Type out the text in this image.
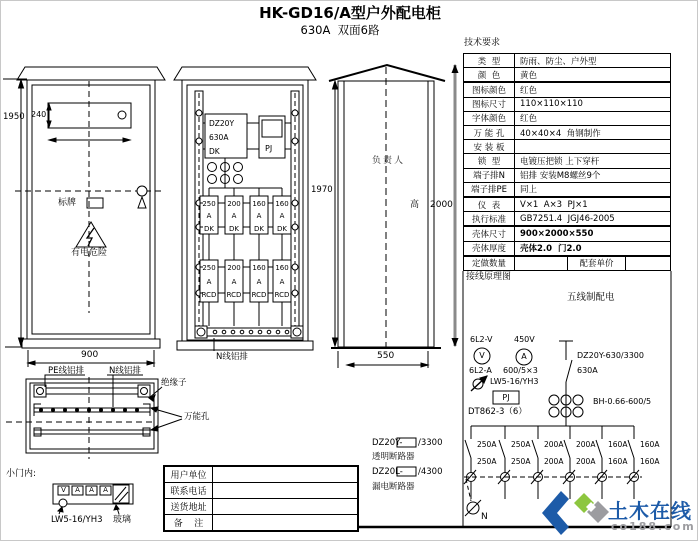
HK-GD16/A型户外配电柜
630A  双面6路
1950 240
标牌
有电危险
900
PE线铝排	N线铝排
绝缘子
万能孔
小门内:
V	A	A	A
LW5-16/YH3 玻璃
DZ20Y
630A
DK	PJ
250
A
DK
200
A
DK
160
A
DK
160
A
DK
250
A
RCD
200
A
RCD
160
A
RCD
160
A
RCD
N线铝排
1970
负责人
高 2000
550
技术要求
类  型	防雨、防尘、户外型
颜  色	黄色
图标颜色	红色
图标尺寸	110×110×110
字体颜色	红色
万 能 孔	40×40×4  角钢制作
安 装 板
锁  型	电镀压把锁 上下穿杆
端子排N	铝排 安装M8螺丝9个
端子排PE	同上
仪  表	V×1  A×3  PJ×1
执行标准	GB7251.4  JGJ46-2005
壳体尺寸	900×2000×550
壳体厚度	壳体2.0  门2.0
定做数量	配套单价
接线原理图
五线制配电
6L2-V	450V
V	A
6L2-A 600/5×3
LW5-16/YH3
PJ
DT862-3（6）
DZ20Y-630/3300
630A
BH-0.66-600/5
250A 250A 200A 200A 160A 160A
250A 250A 200A 200A 160A 160A
N
DZ20Y- /3300
透明断路器
DZ20L- /4300
漏电断路器
用户单位
联系电话
送货地址
备    注
土木在线
co188.com
